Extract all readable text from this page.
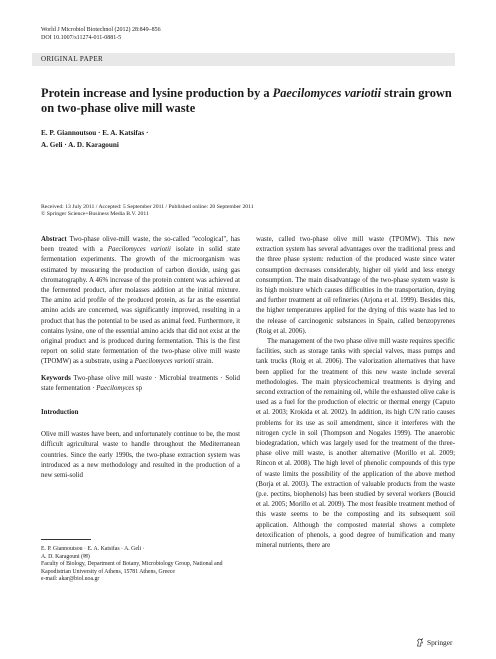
World J Microbiol Biotechnol (2012) 28:849–856
DOI 10.1007/s11274-011-0881-5
ORIGINAL PAPER
Protein increase and lysine production by a Paecilomyces variotii strain grown on two-phase olive mill waste
E. P. Giannoutsou · E. A. Katsifas ·
A. Geli · A. D. Karagouni
Received: 13 July 2011 / Accepted: 5 September 2011 / Published online: 20 September 2011
© Springer Science+Business Media B.V. 2011
Abstract Two-phase olive-mill waste, the so-called "ecological", has been treated with a Paecilomyces variotii isolate in solid state fermentation experiments. The growth of the microorganism was estimated by measuring the production of carbon dioxide, using gas chromatography. A 46% increase of the protein content was achieved at the fermented product, after molasses addition at the initial mixture. The amino acid profile of the produced protein, as far as the essential amino acids are concerned, was significantly improved, resulting in a product that has the potential to be used as animal feed. Furthermore, it contains lysine, one of the essential amino acids that did not exist at the original product and is produced during fermentation. This is the first report on solid state fermentation of the two-phase olive mill waste (TPOMW) as a substrate, using a Paecilomyces variotii strain.
Keywords Two-phase olive mill waste · Microbial treatments · Solid state fermentation · Paecilomyces sp
Introduction
Olive mill wastes have been, and unfortunately continue to be, the most difficult agricultural waste to handle throughout the Mediterranean countries. Since the early 1990s, the two-phase extraction system was introduced as a new methodology and resulted in the production of a new semi-solid
E. P. Giannoutsou · E. A. Katsifas · A. Geli ·
A. D. Karagouni (✉)
Faculty of Biology, Department of Botany, Microbiology Group, National and Kapodistrian University of Athens, 15781 Athens, Greece
e-mail: akar@biol.uoa.gr
waste, called two-phase olive mill waste (TPOMW). This new extraction system has several advantages over the traditional press and the three phase system: reduction of the produced waste since water consumption decreases considerably, higher oil yield and less energy consumption. The main disadvantage of the two-phase system waste is its high moisture which causes difficulties in the transportation, drying and further treatment at oil refineries (Arjona et al. 1999). Besides this, the higher temperatures applied for the drying of this waste has led to the release of carcinogenic substances in Spain, called benzopyrenes (Roig et al. 2006).
The management of the two phase olive mill waste requires specific facilities, such as storage tanks with special valves, mass pumps and tank trucks (Roig et al. 2006). The valorization alternatives that have been applied for the treatment of this new waste include several methodologies. The main physicochemical treatments is drying and second extraction of the remaining oil, while the exhausted olive cake is used as a fuel for the production of electric or thermal energy (Caputo et al. 2003; Krokida et al. 2002). In addition, its high C/N ratio causes problems for its use as soil amendment, since it interferes with the nitrogen cycle in soil (Thompson and Nogales 1999). The anaerobic biodegradation, which was largely used for the treatment of the three-phase olive mill waste, is another alternative (Morillo et al. 2009; Rincon et al. 2008). The high level of phenolic compounds of this type of waste limits the possibility of the application of the above method (Borja et al. 2003). The extraction of valuable products from the waste (p.e. pectins, biophenols) has been studied by several workers (Boucid et al. 2005; Morillo et al. 2009). The most feasible treatment method of this waste seems to be the composting and its subsequent soil application. Although the composted material shows a complete detoxification of phenols, a good degree of humification and many mineral nutrients, there are
Springer
